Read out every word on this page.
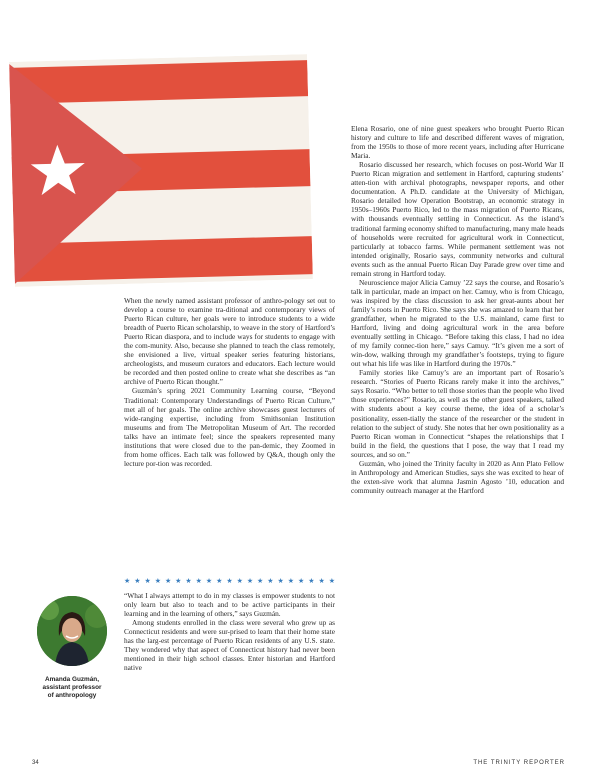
When the newly named assistant professor of anthro-pology set out to develop a course to examine tra-ditional and contemporary views of Puerto Rican culture, her goals were to introduce students to a wide breadth of Puerto Rican scholarship, to weave in the story of Hartford’s Puerto Rican diaspora, and to include ways for students to engage with the com-munity. Also, because she planned to teach the class remotely, she envisioned a live, virtual speaker series featuring historians, archeologists, and museum curators and educators. Each lecture would be recorded and then posted online to create what she describes as “an archive of Puerto Rican thought.”

Guzmán’s spring 2021 Community Learning course, “Beyond Traditional: Contemporary Understandings of Puerto Rican Culture,” met all of her goals. The online archive showcases guest lecturers of wide-ranging expertise, including from Smithsonian Institution museums and from The Metropolitan Museum of Art. The recorded talks have an intimate feel; since the speakers represented many institutions that were closed due to the pan-demic, they Zoomed in from home offices. Each talk was followed by Q&A, though only the lecture por-tion was recorded.

★ ★ ★ ★ ★ ★ ★ ★ ★ ★ ★ ★ ★ ★ ★ ★ ★ ★ ★ ★ ★

“What I always attempt to do in my classes is empower students to not only learn but also to teach and to be active participants in their learning and in the learning of others,” says Guzmán.

Among students enrolled in the class were several who grew up as Connecticut residents and were sur-prised to learn that their home state has the larg-est percentage of Puerto Rican residents of any U.S. state. They wondered why that aspect of Connecticut history had never been mentioned in their high school classes. Enter historian and Hartford native

Elena Rosario, one of nine guest speakers who brought Puerto Rican history and culture to life and described different waves of migration, from the 1950s to those of more recent years, including after Hurricane Maria.

Rosario discussed her research, which focuses on post-World War II Puerto Rican migration and settlement in Hartford, capturing students’ atten-tion with archival photographs, newspaper reports, and other documentation. A Ph.D. candidate at the University of Michigan, Rosario detailed how Operation Bootstrap, an economic strategy in 1950s–1960s Puerto Rico, led to the mass migration of Puerto Ricans, with thousands eventually settling in Connecticut. As the island’s traditional farming economy shifted to manufacturing, many male heads of households were recruited for agricultural work in Connecticut, particularly at tobacco farms. While permanent settlement was not intended originally, Rosario says, community networks and cultural events such as the annual Puerto Rican Day Parade grew over time and remain strong in Hartford today.

Neuroscience major Alicia Camuy ’22 says the course, and Rosario’s talk in particular, made an impact on her. Camuy, who is from Chicago, was inspired by the class discussion to ask her great-aunts about her family’s roots in Puerto Rico. She says she was amazed to learn that her grandfather, when he migrated to the U.S. mainland, came first to Hartford, living and doing agricultural work in the area before eventually settling in Chicago. “Before taking this class, I had no idea of my family connec-tion here,” says Camuy. “It’s given me a sort of win-dow, walking through my grandfather’s footsteps, trying to figure out what his life was like in Hartford during the 1970s.”

Family stories like Camuy’s are an important part of Rosario’s research. “Stories of Puerto Ricans rarely make it into the archives,” says Rosario. “Who better to tell those stories than the people who lived those experiences?” Rosario, as well as the other guest speakers, talked with students about a key course theme, the idea of a scholar’s positionality, essen-tially the stance of the researcher or the student in relation to the subject of study. She notes that her own positionality as a Puerto Rican woman in Connecticut “shapes the relationships that I build in the field, the questions that I pose, the way that I read my sources, and so on.”

Guzmán, who joined the Trinity faculty in 2020 as Ann Plato Fellow in Anthropology and American Studies, says she was excited to hear of the exten-sive work that alumna Jasmin Agosto ’10, education and community outreach manager at the Hartford

Amanda Guzmán,
assistant professor
of anthropology
34	THE TRINITY REPORTER
